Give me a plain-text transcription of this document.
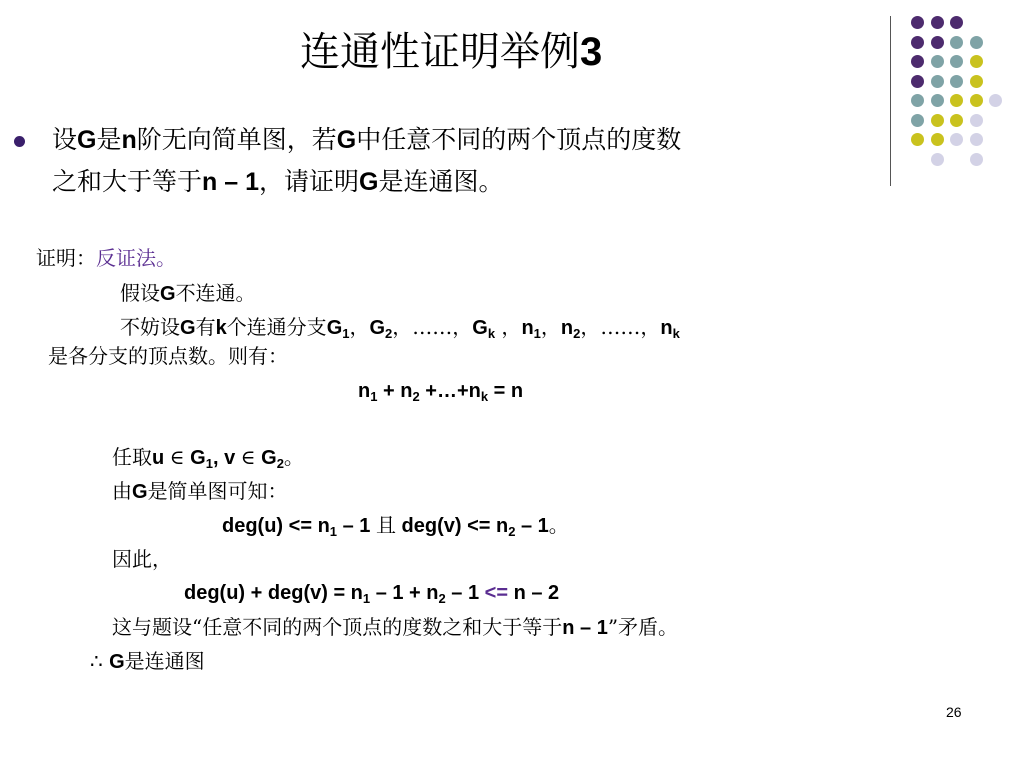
连通性证明举例3
设G是n阶无向简单图，若G中任意不同的两个顶点的度数
之和大于等于n – 1，请证明G是连通图。
证明：反证法。
假设G不连通。
不妨设G有k个连通分支$G_1$，$G_2$，……，$G_k$ ，$n_1$，$n_2$，……，$n_k$
是各分支的顶点数。则有：
$n_1 + n_2$ $+\dots+n_k = n$
任取u ∈ $G_1$, v ∈ $G_2$。
由G是简单图可知：
$deg(u) <= n_1 - 1$ 且 $deg(v) <= n_2 - 1$。
因此，
$deg(u) + deg(v) = n_1 - 1 + n_2 - 1 <= n - 2$
这与题设“任意不同的两个顶点的度数之和大于等于n – 1”矛盾。
∴ G是连通图
26
